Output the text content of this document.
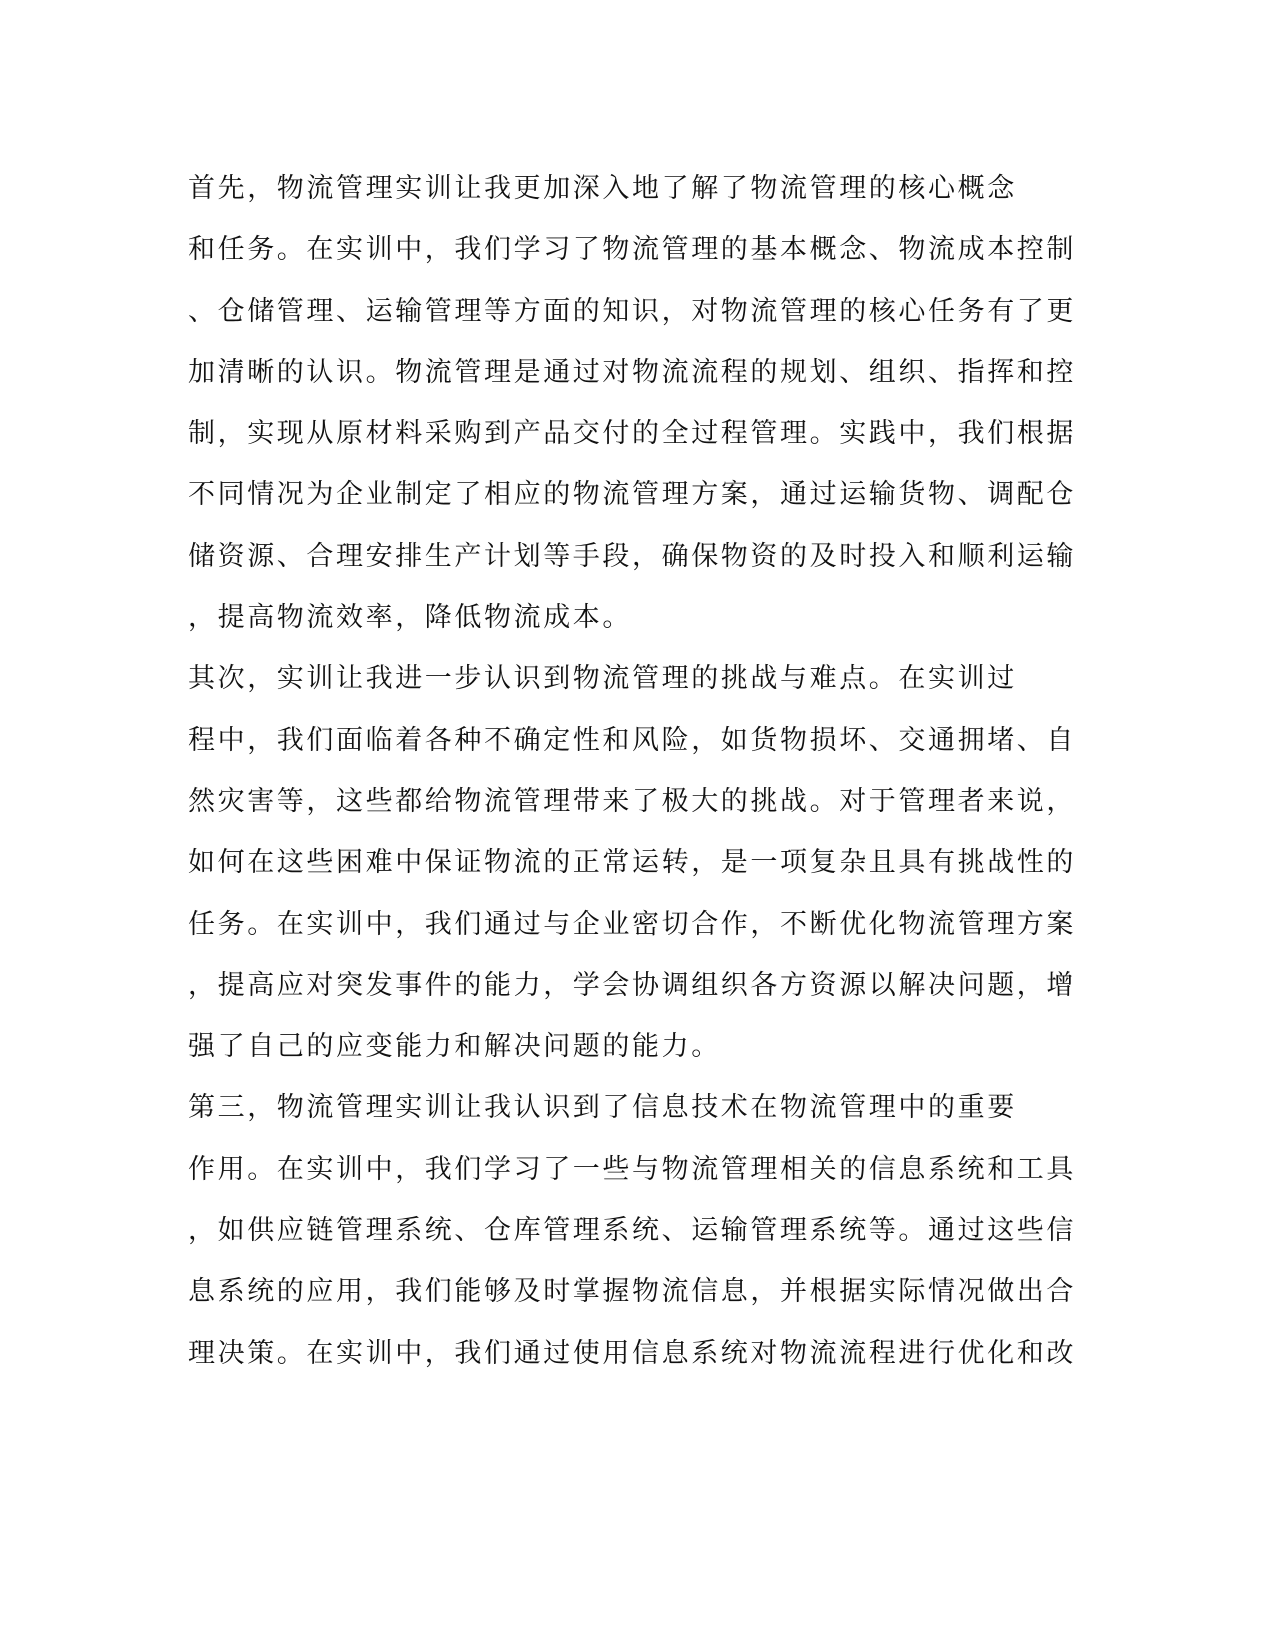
首先，物流管理实训让我更加深入地了解了物流管理的核心概念
和任务。在实训中，我们学习了物流管理的基本概念、物流成本控制
、仓储管理、运输管理等方面的知识，对物流管理的核心任务有了更
加清晰的认识。物流管理是通过对物流流程的规划、组织、指挥和控
制，实现从原材料采购到产品交付的全过程管理。实践中，我们根据
不同情况为企业制定了相应的物流管理方案，通过运输货物、调配仓
储资源、合理安排生产计划等手段，确保物资的及时投入和顺利运输
，提高物流效率，降低物流成本。
其次，实训让我进一步认识到物流管理的挑战与难点。在实训过
程中，我们面临着各种不确定性和风险，如货物损坏、交通拥堵、自
然灾害等，这些都给物流管理带来了极大的挑战。对于管理者来说，
如何在这些困难中保证物流的正常运转，是一项复杂且具有挑战性的
任务。在实训中，我们通过与企业密切合作，不断优化物流管理方案
，提高应对突发事件的能力，学会协调组织各方资源以解决问题，增
强了自己的应变能力和解决问题的能力。
第三，物流管理实训让我认识到了信息技术在物流管理中的重要
作用。在实训中，我们学习了一些与物流管理相关的信息系统和工具
，如供应链管理系统、仓库管理系统、运输管理系统等。通过这些信
息系统的应用，我们能够及时掌握物流信息，并根据实际情况做出合
理决策。在实训中，我们通过使用信息系统对物流流程进行优化和改
